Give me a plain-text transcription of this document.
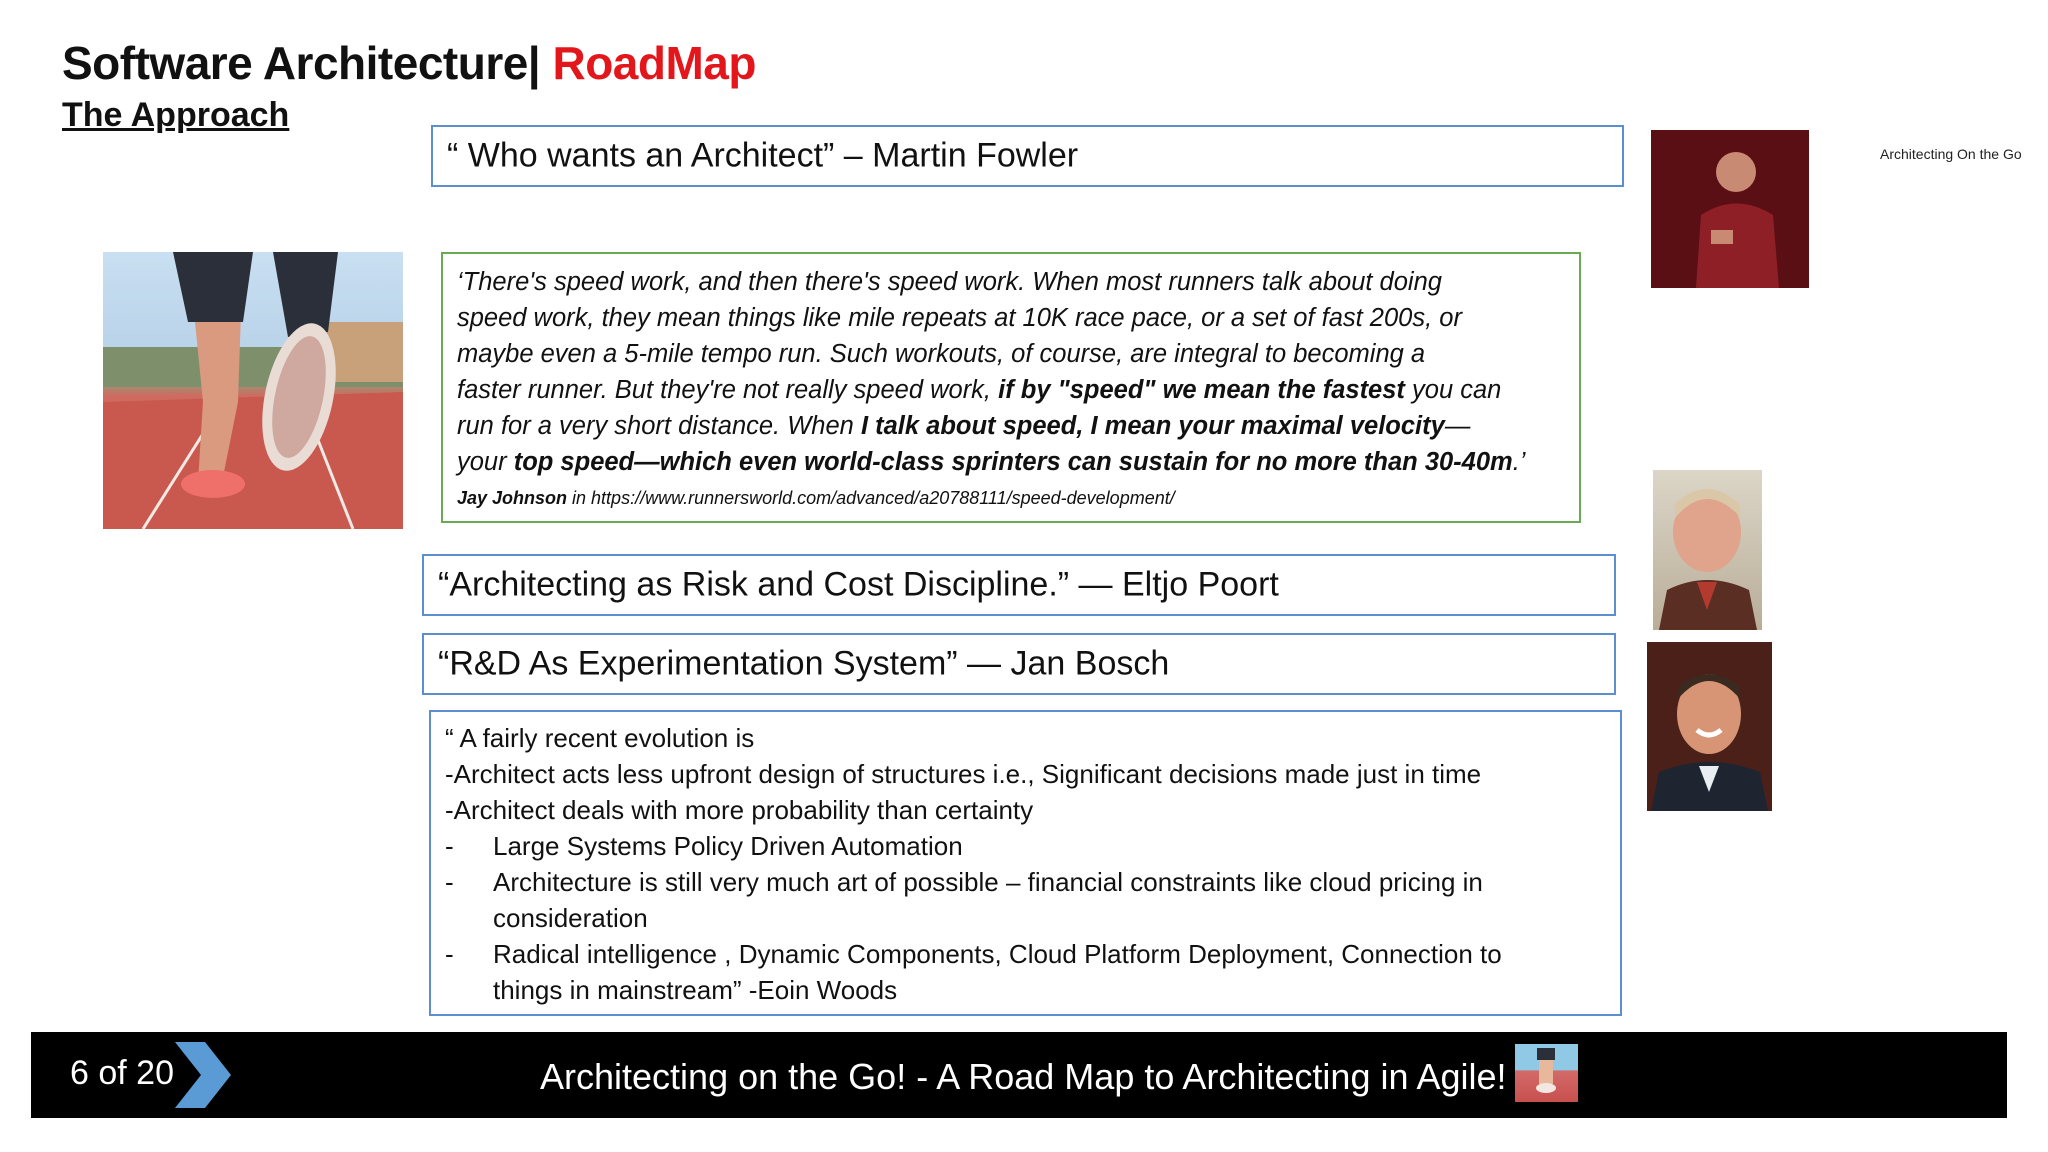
Software Architecture| RoadMap
The Approach
Architecting On the Go
“ Who wants an Architect” – Martin Fowler
‘There's speed work, and then there's speed work. When most runners talk about doing
speed work, they mean things like mile repeats at 10K race pace, or a set of fast 200s, or
maybe even a 5-mile tempo run. Such workouts, of course, are integral to becoming a
faster runner. But they're not really speed work, if by "speed" we mean the fastest you can
run for a very short distance. When I talk about speed, I mean your maximal velocity—
your top speed—which even world-class sprinters can sustain for no more than 30-40m.’
Jay Johnson in https://www.runnersworld.com/advanced/a20788111/speed-development/
“Architecting as Risk and Cost Discipline.” — Eltjo Poort
“R&D As Experimentation System” — Jan Bosch
“ A fairly recent evolution is
-Architect acts less upfront design of structures i.e., Significant decisions made just in time
-Architect deals with more probability than certainty
-	Large Systems Policy Driven Automation
-	Architecture is still very much art of possible – financial constraints like cloud pricing in
consideration
-	Radical intelligence , Dynamic Components, Cloud Platform Deployment, Connection to
things in mainstream” -Eoin Woods
6 of 20	Architecting on the Go! - A Road Map to Architecting in Agile!
